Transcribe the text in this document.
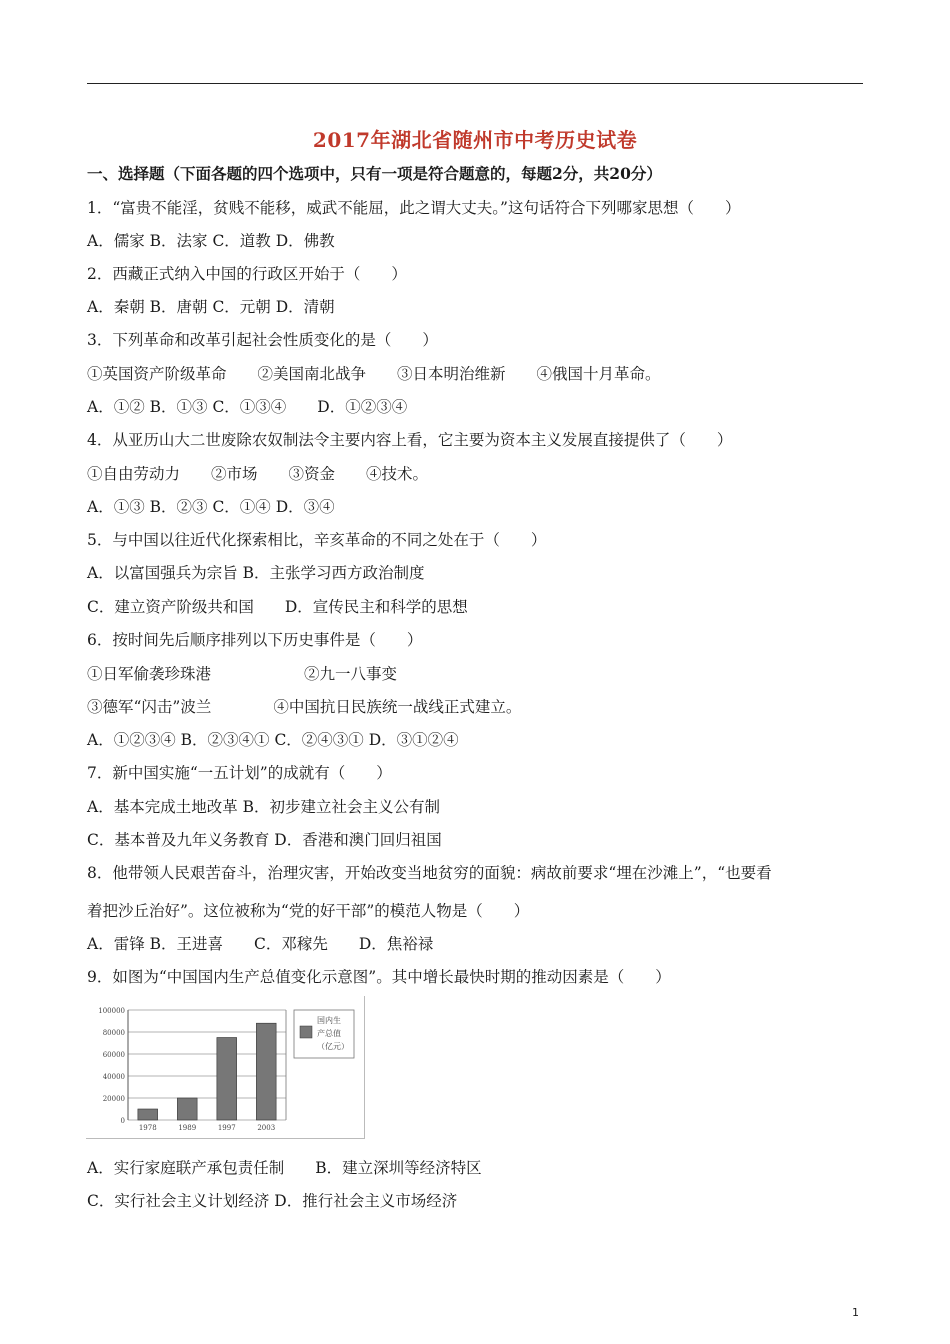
2017年湖北省随州市中考历史试卷
一、选择题（下面各题的四个选项中，只有一项是符合题意的，每题2分，共20分）
1．“富贵不能淫，贫贱不能移，威武不能屈，此之谓大丈夫。”这句话符合下列哪家思想（　　）
A．儒家 B．法家 C．道教 D．佛教
2．西藏正式纳入中国的行政区开始于（　　）
A．秦朝 B．唐朝 C．元朝 D．清朝
3．下列革命和改革引起社会性质变化的是（　　）
①英国资产阶级革命　　②美国南北战争　　③日本明治维新　　④俄国十月革命。
A．①② B．①③ C．①③④　　D．①②③④
4．从亚历山大二世废除农奴制法令主要内容上看，它主要为资本主义发展直接提供了（　　）
①自由劳动力　　②市场　　③资金　　④技术。
A．①③ B．②③ C．①④ D．③④
5．与中国以往近代化探索相比，辛亥革命的不同之处在于（　　）
A．以富国强兵为宗旨 B．主张学习西方政治制度
C．建立资产阶级共和国　　D．宣传民主和科学的思想
6．按时间先后顺序排列以下历史事件是（　　）
①日军偷袭珍珠港　　　　　　②九一八事变
③德军“闪击”波兰　　　　④中国抗日民族统一战线正式建立。
A．①②③④ B．②③④① C．②④③① D．③①②④
7．新中国实施“一五计划”的成就有（　　）
A．基本完成土地改革 B．初步建立社会主义公有制
C．基本普及九年义务教育 D．香港和澳门回归祖国
8．他带领人民艰苦奋斗，治理灾害，开始改变当地贫穷的面貌：病故前要求“埋在沙滩上”，“也要看
着把沙丘治好”。这位被称为“党的好干部”的模范人物是（　　）
A．雷锋 B．王进喜　　C．邓稼先　　D．焦裕禄
9．如图为“中国国内生产总值变化示意图”。其中增长最快时期的推动因素是（　　）
100000
80000
60000
40000
20000
0
1978	1989	1997	2003
国内生
产总值
（亿元）
A．实行家庭联产承包责任制　　B．建立深圳等经济特区
C．实行社会主义计划经济 D．推行社会主义市场经济
1
